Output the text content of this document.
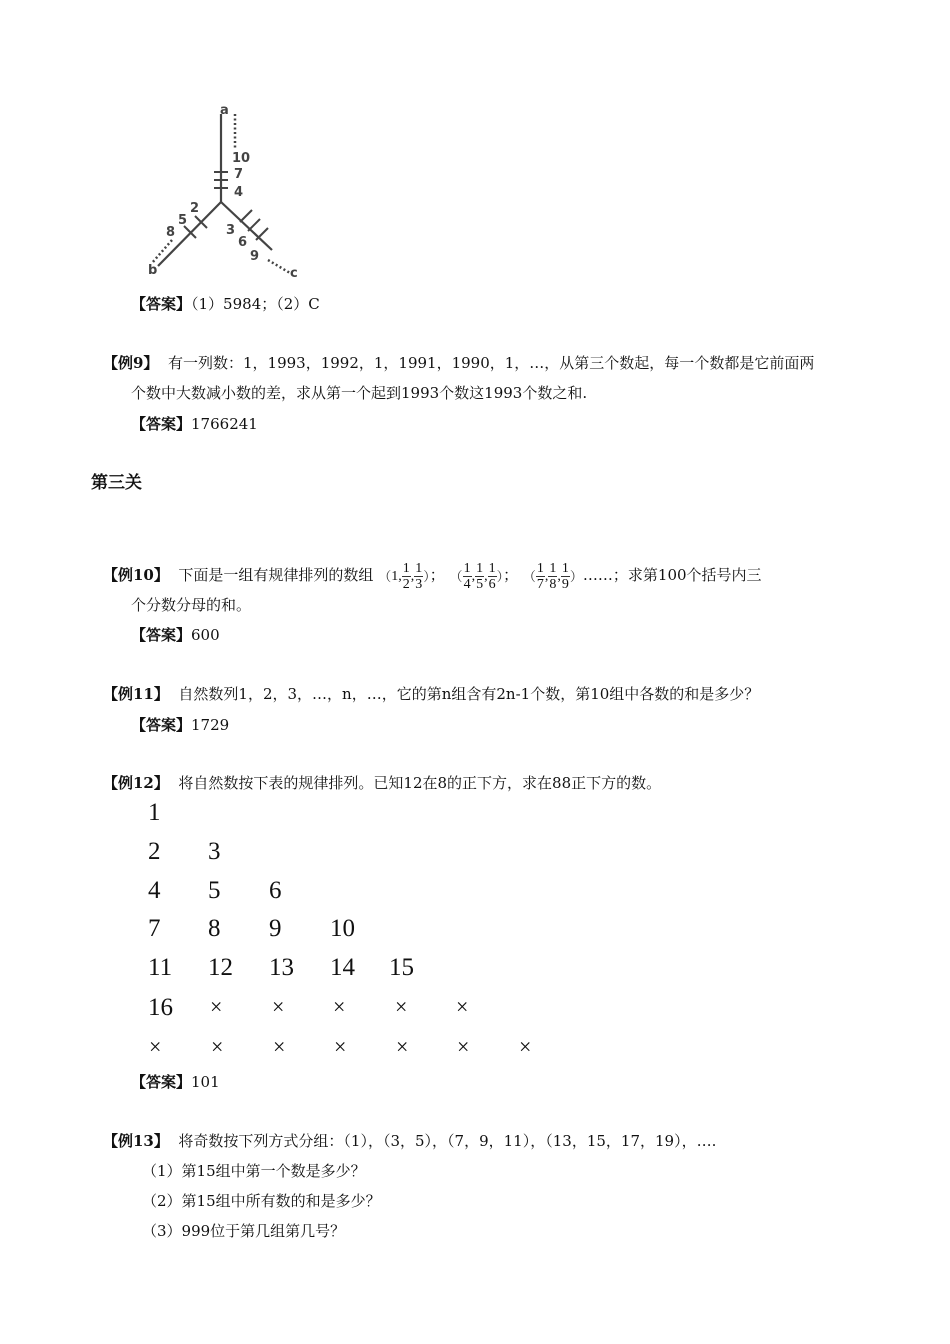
a
b	c
10
7
4
2
5
8	3
6
9
【答案】（1）5984；（2）C
【例9】 有一列数：1，1993，1992，1，1991，1990，1，…，从第三个数起，每一个数都是它前面两
个数中大数减小数的差，求从第一个起到1993个数这1993个数之和.
【答案】1766241
第三关
【例10】 下面是一组有规律排列的数组 （1, $\frac{1}{2}$ , $\frac{1}{3}$ ）； （ $\frac{1}{4}$ , $\frac{1}{5}$ , $\frac{1}{6}$ ）； （ $\frac{1}{7}$ , $\frac{1}{8}$ , $\frac{1}{9}$ ）……；求第100个括号内三
个分数分母的和。
【答案】600
【例11】 自然数列1，2，3，…，n，…，它的第n组含有2n-1个数，第10组中各数的和是多少？
【答案】1729
【例12】 将自然数按下表的规律排列。已知12在8的正下方，求在88正下方的数。
1
2 3
4 5 6
7 8 9 10
11 12 13 14 15
16 × × × × ×
× × × × × × ×
【答案】101
【例13】 将奇数按下列方式分组：（1），（3，5），（7，9，11），（13，15，17，19），….
（1）第15组中第一个数是多少？
（2）第15组中所有数的和是多少？
（3）999位于第几组第几号？
